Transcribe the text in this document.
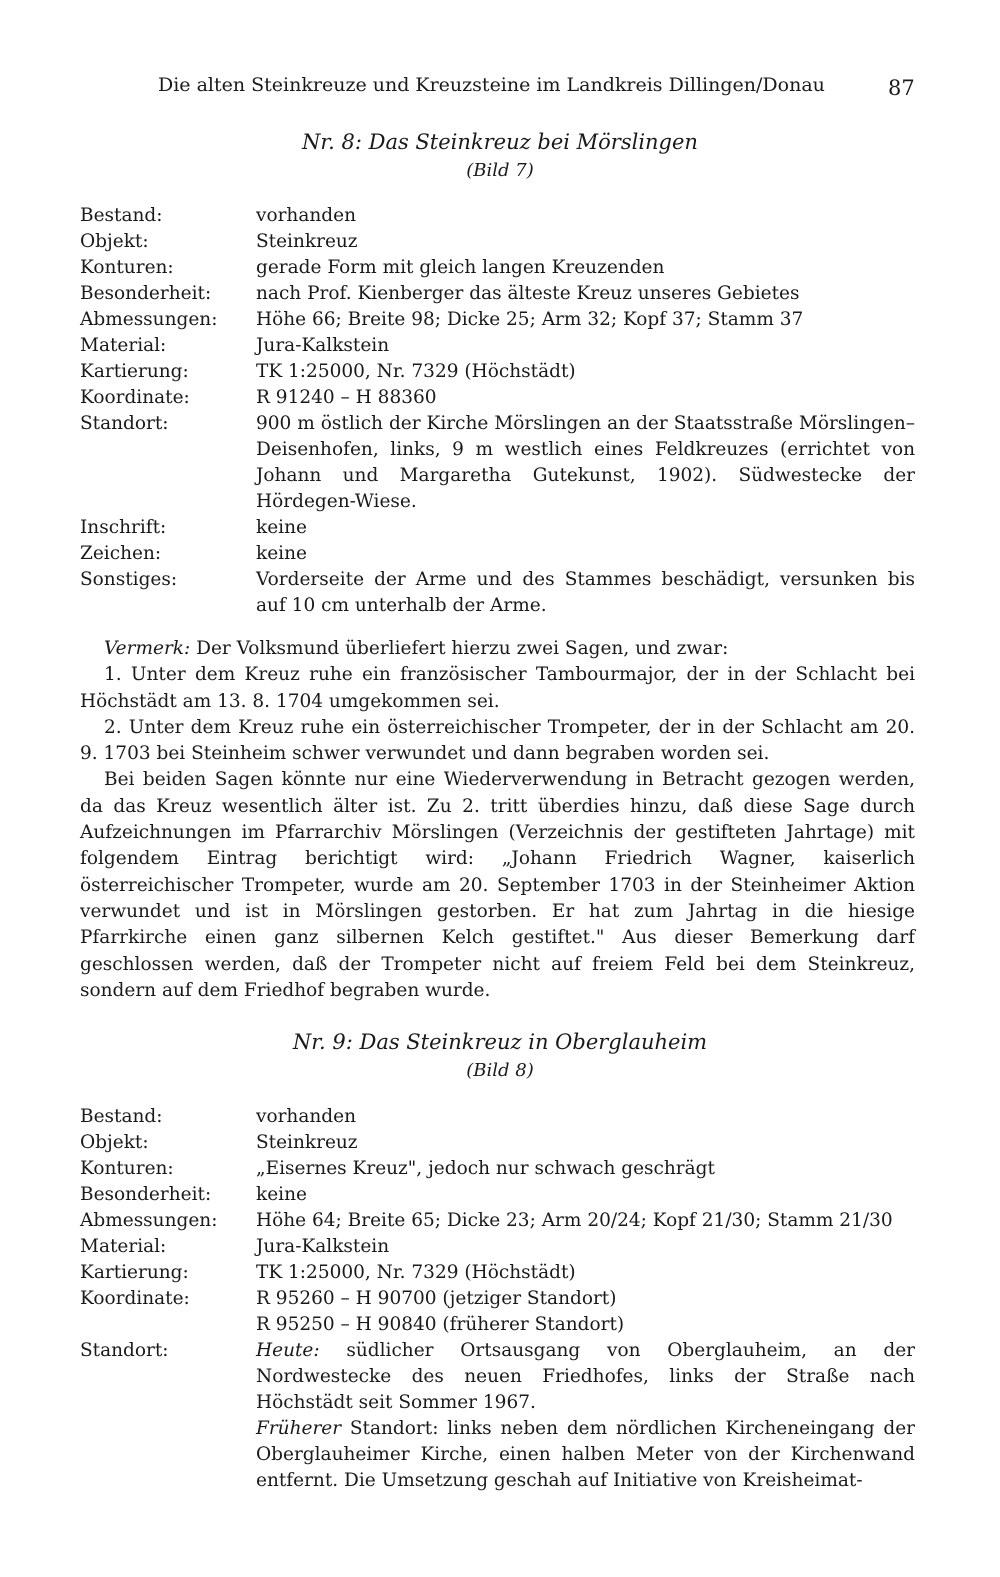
Die alten Steinkreuze und Kreuzsteine im Landkreis Dillingen/Donau	87
Nr. 8: Das Steinkreuz bei Mörslingen
(Bild 7)
Bestand:	vorhanden
Objekt:	Steinkreuz
Konturen:	gerade Form mit gleich langen Kreuzenden
Besonderheit:	nach Prof. Kienberger das älteste Kreuz unseres Gebietes
Abmessungen:	Höhe 66; Breite 98; Dicke 25; Arm 32; Kopf 37; Stamm 37
Material:	Jura-Kalkstein
Kartierung:	TK 1:25000, Nr. 7329 (Höchstädt)
Koordinate:	R 91240 – H 88360
Standort:	900 m östlich der Kirche Mörslingen an der Staatsstraße Mörslingen–Deisenhofen, links, 9 m westlich eines Feldkreuzes (errichtet von Johann und Margaretha Gutekunst, 1902). Südwestecke der Hördegen-Wiese.
Inschrift:	keine
Zeichen:	keine
Sonstiges:	Vorderseite der Arme und des Stammes beschädigt, versunken bis auf 10 cm unterhalb der Arme.

Vermerk: Der Volksmund überliefert hierzu zwei Sagen, und zwar:

1. Unter dem Kreuz ruhe ein französischer Tambourmajor, der in der Schlacht bei Höchstädt am 13. 8. 1704 umgekommen sei.

2. Unter dem Kreuz ruhe ein österreichischer Trompeter, der in der Schlacht am 20. 9. 1703 bei Steinheim schwer verwundet und dann begraben worden sei.

Bei beiden Sagen könnte nur eine Wiederverwendung in Betracht gezogen werden, da das Kreuz wesentlich älter ist. Zu 2. tritt überdies hinzu, daß diese Sage durch Aufzeichnungen im Pfarrarchiv Mörslingen (Verzeichnis der gestifteten Jahrtage) mit folgendem Eintrag berichtigt wird: „Johann Friedrich Wagner, kaiserlich österreichischer Trompeter, wurde am 20. September 1703 in der Steinheimer Aktion verwundet und ist in Mörslingen gestorben. Er hat zum Jahrtag in die hiesige Pfarrkirche einen ganz silbernen Kelch gestiftet." Aus dieser Bemerkung darf geschlossen werden, daß der Trompeter nicht auf freiem Feld bei dem Steinkreuz, sondern auf dem Friedhof begraben wurde.

Nr. 9: Das Steinkreuz in Oberglauheim
(Bild 8)
Bestand:	vorhanden
Objekt:	Steinkreuz
Konturen:	„Eisernes Kreuz", jedoch nur schwach geschrägt
Besonderheit:	keine
Abmessungen:	Höhe 64; Breite 65; Dicke 23; Arm 20/24; Kopf 21/30; Stamm 21/30
Material:	Jura-Kalkstein
Kartierung:	TK 1:25000, Nr. 7329 (Höchstädt)
Koordinate:	R 95260 – H 90700 (jetziger Standort)

R 95250 – H 90840 (früherer Standort)

Standort:	Heute: südlicher Ortsausgang von Oberglauheim, an der Nordwestecke des neuen Friedhofes, links der Straße nach Höchstädt seit Sommer 1967.

Früherer Standort: links neben dem nördlichen Kircheneingang der Oberglauheimer Kirche, einen halben Meter von der Kirchenwand entfernt. Die Umsetzung geschah auf Initiative von Kreisheimat-
